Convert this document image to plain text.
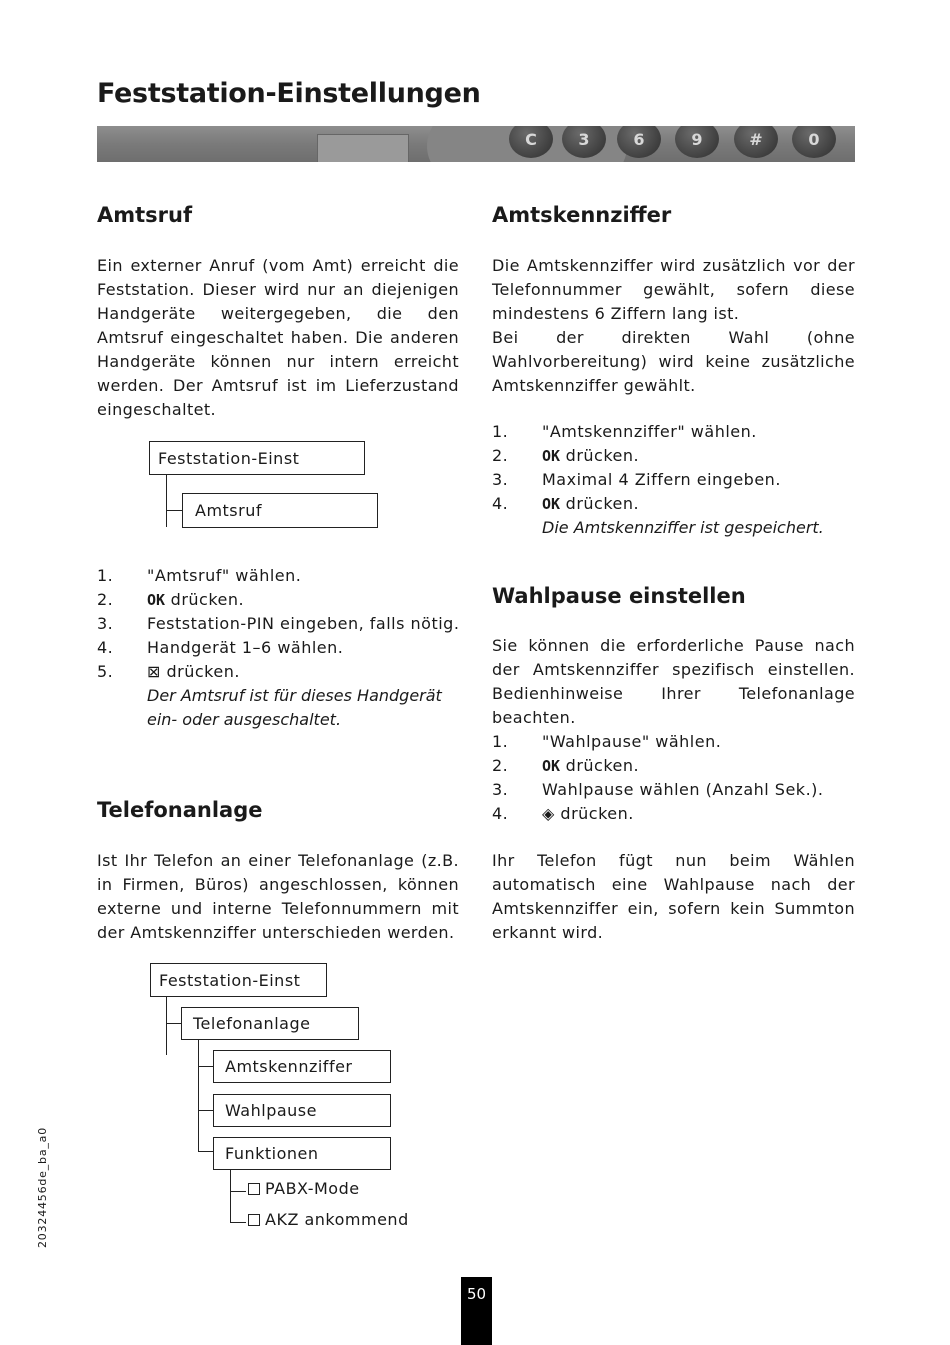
Feststation-Einstellungen
C	3	6	9	#	0
Amtsruf

Ein externer Anruf (vom Amt) erreicht die Feststation. Dieser wird nur an diejenigen Handgeräte weitergegeben, die den Amtsruf eingeschaltet haben. Die anderen Handgeräte können nur intern erreicht werden. Der Amtsruf ist im Lieferzustand eingeschaltet.

Feststation-Einst
Amtsruf
1. "Amtsruf" wählen.
2. OK drücken.
3. Feststation-PIN eingeben, falls nötig.
4. Handgerät 1–6 wählen.
5. ⊠ drücken.
Der Amtsruf ist für dieses Handgerät ein- oder ausgeschaltet.
Telefonanlage

Ist Ihr Telefon an einer Telefonanlage (z.B. in Firmen, Büros) angeschlossen, können externe und interne Telefonnummern mit der Amtskennziffer unterschieden werden.

Feststation-Einst
Telefonanlage
Amtskennziffer
Wahlpause
Funktionen
PABX-Mode
AKZ ankommend
Amtskennziffer

Die Amtskennziffer wird zusätzlich vor der Telefonnummer gewählt, sofern diese mindestens 6 Ziffern lang ist.

Bei der direkten Wahl (ohne Wahlvorbereitung) wird keine zusätzliche Amtskennziffer gewählt.

1. "Amtskennziffer" wählen.
2. OK drücken.
3. Maximal 4 Ziffern eingeben.
4. OK drücken.
Die Amtskennziffer ist gespeichert.
Wahlpause einstellen

Sie können die erforderliche Pause nach der Amtskennziffer spezifisch einstellen. Bedienhinweise Ihrer Telefonanlage beachten.

1. "Wahlpause" wählen.
2. OK drücken.
3. Wahlpause wählen (Anzahl Sek.).
4. ◈ drücken.

Ihr Telefon fügt nun beim Wählen automatisch eine Wahlpause nach der Amtskennziffer ein, sofern kein Summton erkannt wird.

20324456de_ba_a0
50
